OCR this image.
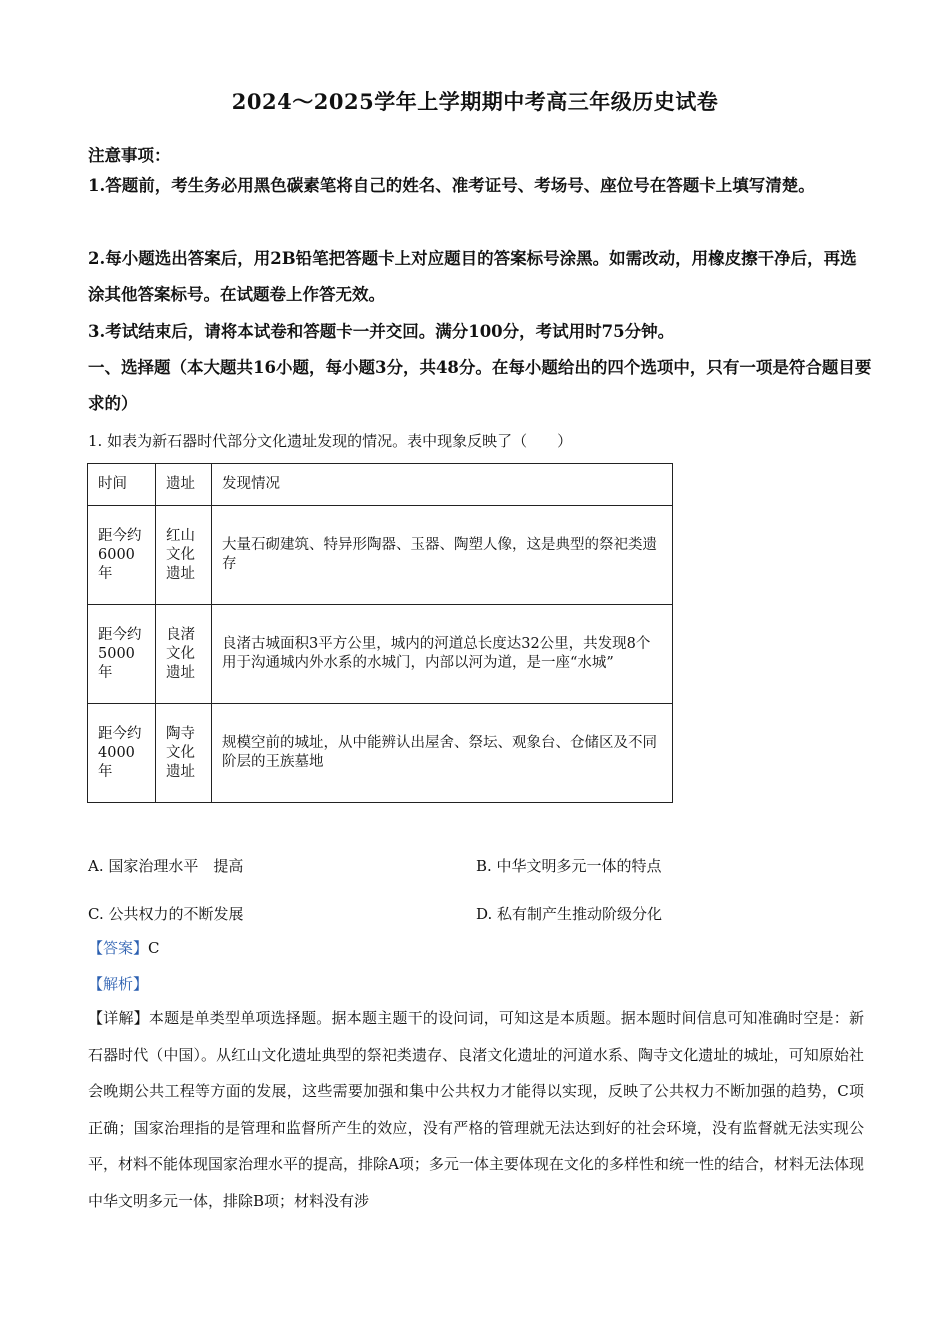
2024～2025学年上学期期中考高三年级历史试卷
注意事项：
1.答题前，考生务必用黑色碳素笔将自己的姓名、准考证号、考场号、座位号在答题卡上填写清楚。
2.每小题选出答案后，用2B铅笔把答题卡上对应题目的答案标号涂黑。如需改动，用橡皮擦干净后，再选涂其他答案标号。在试题卷上作答无效。
3.考试结束后，请将本试卷和答题卡一并交回。满分100分，考试用时75分钟。
一、选择题（本大题共16小题，每小题3分，共48分。在每小题给出的四个选项中，只有一项是符合题目要求的）
1. 如表为新石器时代部分文化遗址发现的情况。表中现象反映了（　　）
时间	遗址	发现情况
距今约6000年	红山文化遗址	大量石砌建筑、特异形陶器、玉器、陶塑人像，这是典型的祭祀类遗存
距今约5000年	良渚文化遗址	良渚古城面积3平方公里，城内的河道总长度达32公里，共发现8个用于沟通城内外水系的水城门，内部以河为道，是一座“水城”
距今约4000年	陶寺文化遗址	规模空前的城址，从中能辨认出屋舍、祭坛、观象台、仓储区及不同阶层的王族墓地
A. 国家治理水平　提高	B. 中华文明多元一体的特点
C. 公共权力的不断发展	D. 私有制产生推动阶级分化
【答案】C
【解析】
【详解】本题是单类型单项选择题。据本题主题干的设问词，可知这是本质题。据本题时间信息可知准确时空是：新石器时代（中国）。从红山文化遗址典型的祭祀类遗存、良渚文化遗址的河道水系、陶寺文化遗址的城址，可知原始社会晚期公共工程等方面的发展，这些需要加强和集中公共权力才能得以实现，反映了公共权力不断加强的趋势，C项正确；国家治理指的是管理和监督所产生的效应，没有严格的管理就无法达到好的社会环境，没有监督就无法实现公平，材料不能体现国家治理水平的提高，排除A项；多元一体主要体现在文化的多样性和统一性的结合，材料无法体现中华文明多元一体，排除B项；材料没有涉
